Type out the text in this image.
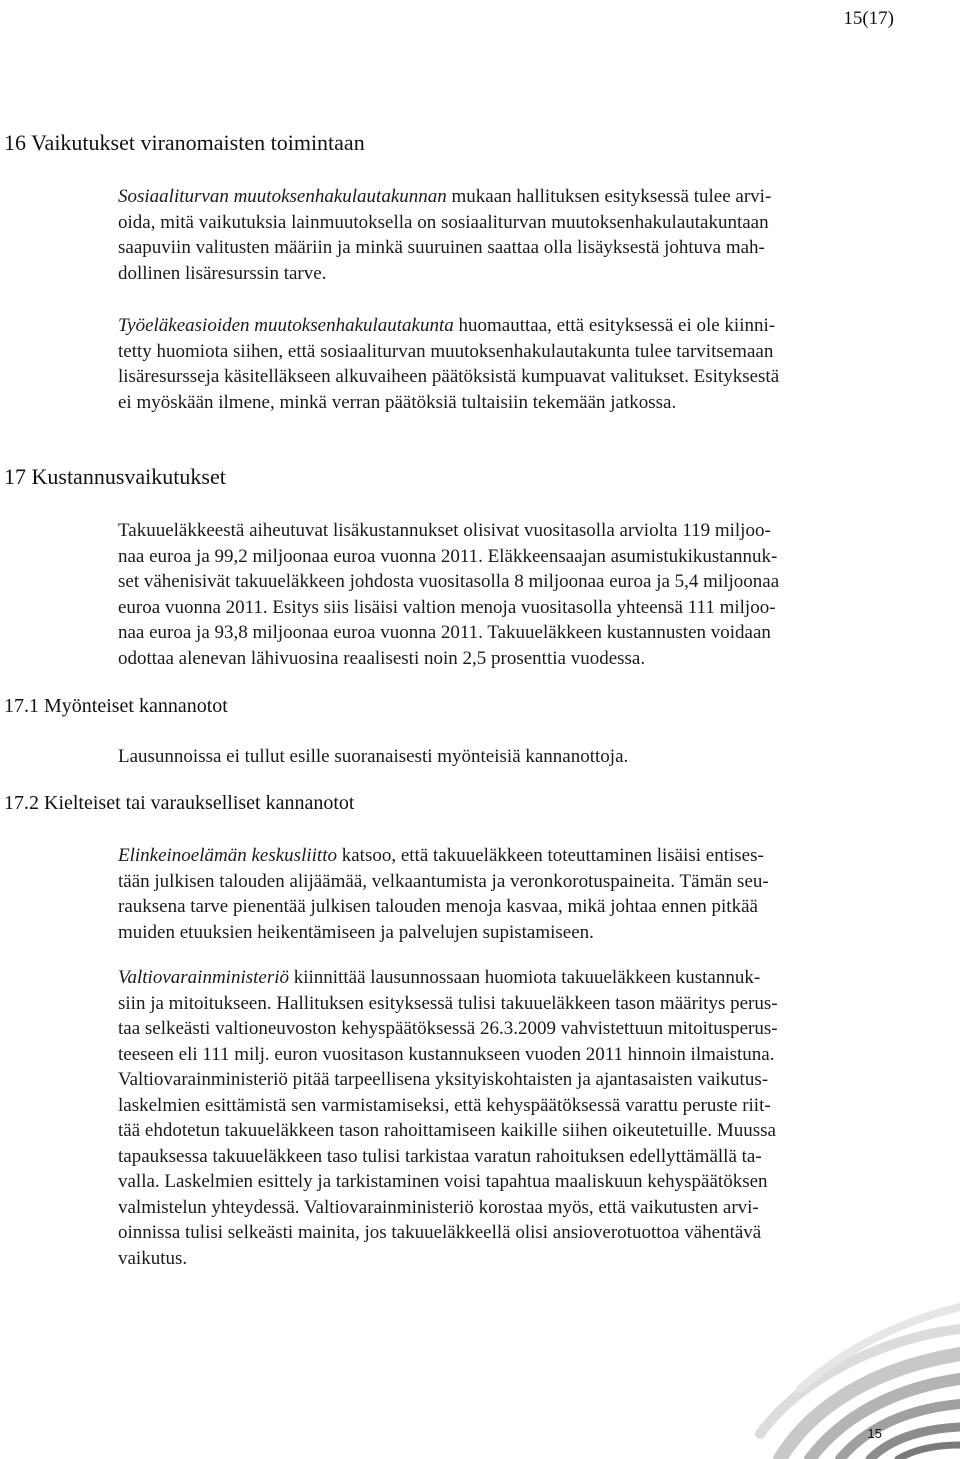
15(17)
16 Vaikutukset viranomaisten toimintaan

Sosiaaliturvan muutoksenhakulautakunnan mukaan hallituksen esityksessä tulee arvi-
oida, mitä vaikutuksia lainmuutoksella on sosiaaliturvan muutoksenhakulautakuntaan
saapuviin valitusten määriin ja minkä suuruinen saattaa olla lisäyksestä johtuva mah-
dollinen lisäresurssin tarve.

Työeläkeasioiden muutoksenhakulautakunta huomauttaa, että esityksessä ei ole kiinni-
tetty huomiota siihen, että sosiaaliturvan muutoksenhakulautakunta tulee tarvitsemaan
lisäresursseja käsitelläkseen alkuvaiheen päätöksistä kumpuavat valitukset. Esityksestä
ei myöskään ilmene, minkä verran päätöksiä tultaisiin tekemään jatkossa.

17 Kustannusvaikutukset

Takuueläkkeestä aiheutuvat lisäkustannukset olisivat vuositasolla arviolta 119 miljoo-
naa euroa ja 99,2 miljoonaa euroa vuonna 2011. Eläkkeensaajan asumistukikustannuk-
set vähenisivät takuueläkkeen johdosta vuositasolla 8 miljoonaa euroa ja 5,4 miljoonaa
euroa vuonna 2011. Esitys siis lisäisi valtion menoja vuositasolla yhteensä 111 miljoo-
naa euroa ja 93,8 miljoonaa euroa vuonna 2011. Takuueläkkeen kustannusten voidaan
odottaa alenevan lähivuosina reaalisesti noin 2,5 prosenttia vuodessa.

17.1 Myönteiset kannanotot

Lausunnoissa ei tullut esille suoranaisesti myönteisiä kannanottoja.

17.2 Kielteiset tai varaukselliset kannanotot

Elinkeinoelämän keskusliitto katsoo, että takuueläkkeen toteuttaminen lisäisi entises-
tään julkisen talouden alijäämää, velkaantumista ja veronkorotuspaineita. Tämän seu-
rauksena tarve pienentää julkisen talouden menoja kasvaa, mikä johtaa ennen pitkää
muiden etuuksien heikentämiseen ja palvelujen supistamiseen.

Valtiovarainministeriö kiinnittää lausunnossaan huomiota takuueläkkeen kustannuk-
siin ja mitoitukseen. Hallituksen esityksessä tulisi takuueläkkeen tason määritys perus-
taa selkeästi valtioneuvoston kehyspäätöksessä 26.3.2009 vahvistettuun mitoitusperus-
teeseen eli 111 milj. euron vuositason kustannukseen vuoden 2011 hinnoin ilmaistuna.
Valtiovarainministeriö pitää tarpeellisena yksityiskohtaisten ja ajantasaisten vaikutus-
laskelmien esittämistä sen varmistamiseksi, että kehyspäätöksessä varattu peruste riit-
tää ehdotetun takuueläkkeen tason rahoittamiseen kaikille siihen oikeutetuille. Muussa
tapauksessa takuueläkkeen taso tulisi tarkistaa varatun rahoituksen edellyttämällä ta-
valla. Laskelmien esittely ja tarkistaminen voisi tapahtua maaliskuun kehyspäätöksen
valmistelun yhteydessä. Valtiovarainministeriö korostaa myös, että vaikutusten arvi-
oinnissa tulisi selkeästi mainita, jos takuueläkkeellä olisi ansioverotuottoa vähentävä
vaikutus.

15
